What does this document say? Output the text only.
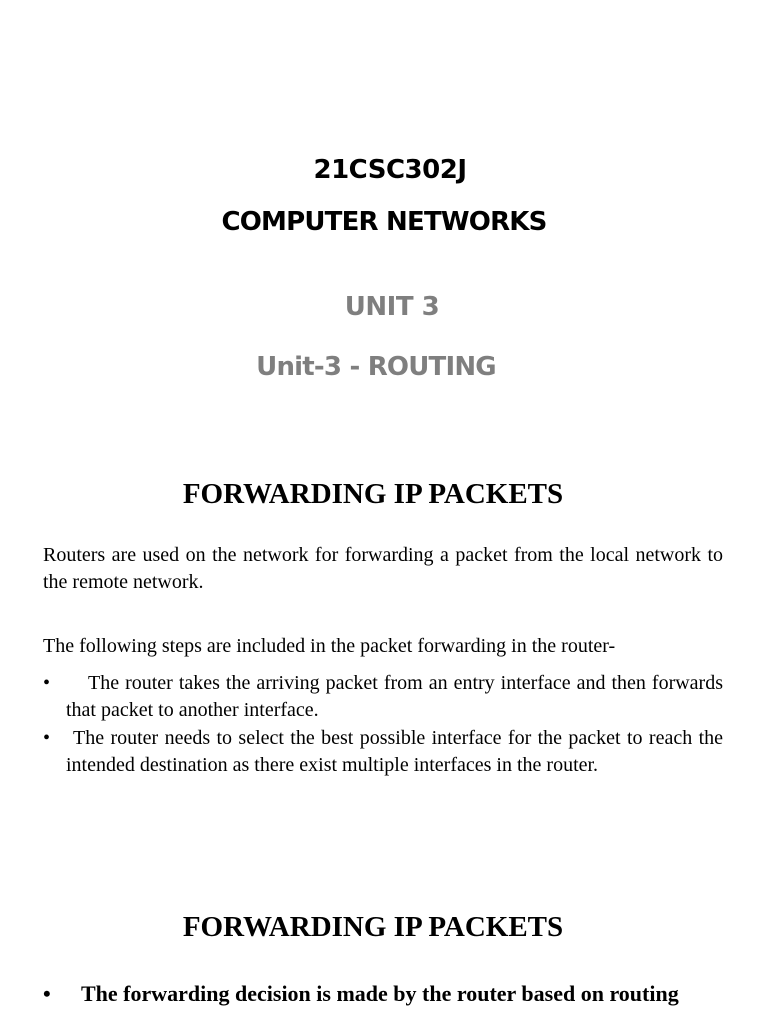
21CSC302J
COMPUTER NETWORKS
UNIT 3
Unit-3 - ROUTING
FORWARDING IP PACKETS

Routers are used on the network for forwarding a packet from the local network to the remote network.

The following steps are included in the packet forwarding in the router-

•	The router takes the arriving packet from an entry interface and then forwards that packet to another interface.
•	The router needs to select the best possible interface for the packet to reach the intended destination as there exist multiple interfaces in the router.
FORWARDING IP PACKETS
•	The forwarding decision is made by the router based on routing
